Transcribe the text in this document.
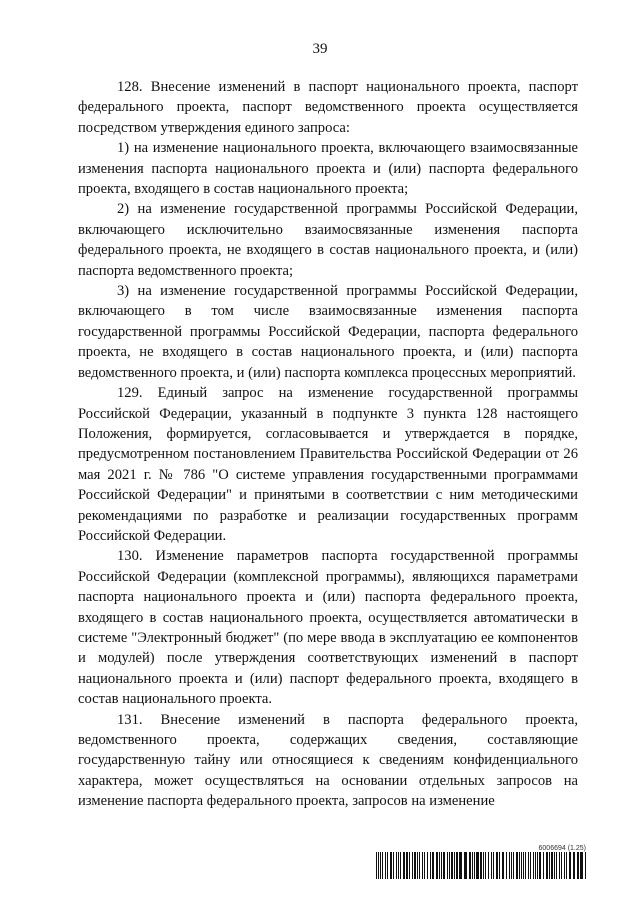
39

128. Внесение изменений в паспорт национального проекта, паспорт федерального проекта, паспорт ведомственного проекта осуществляется посредством утверждения единого запроса:

1) на изменение национального проекта, включающего взаимосвязанные изменения паспорта национального проекта и (или) паспорта федерального проекта, входящего в состав национального проекта;

2) на изменение государственной программы Российской Федерации, включающего исключительно взаимосвязанные изменения паспорта федерального проекта, не входящего в состав национального проекта, и (или) паспорта ведомственного проекта;

3) на изменение государственной программы Российской Федерации, включающего в том числе взаимосвязанные изменения паспорта государственной программы Российской Федерации, паспорта федерального проекта, не входящего в состав национального проекта, и (или) паспорта ведомственного проекта, и (или) паспорта комплекса процессных мероприятий.

129. Единый запрос на изменение государственной программы Российской Федерации, указанный в подпункте 3 пункта 128 настоящего Положения, формируется, согласовывается и утверждается в порядке, предусмотренном постановлением Правительства Российской Федерации от 26 мая 2021 г. № 786 "О системе управления государственными программами Российской Федерации" и принятыми в соответствии с ним методическими рекомендациями по разработке и реализации государственных программ Российской Федерации.

130. Изменение параметров паспорта государственной программы Российской Федерации (комплексной программы), являющихся параметрами паспорта национального проекта и (или) паспорта федерального проекта, входящего в состав национального проекта, осуществляется автоматически в системе "Электронный бюджет" (по мере ввода в эксплуатацию ее компонентов и модулей) после утверждения соответствующих изменений в паспорт национального проекта и (или) паспорт федерального проекта, входящего в состав национального проекта.

131. Внесение изменений в паспорта федерального проекта, ведомственного проекта, содержащих сведения, составляющие государственную тайну или относящиеся к сведениям конфиденциального характера, может осуществляться на основании отдельных запросов на изменение паспорта федерального проекта, запросов на изменение

6006694 (1.25)
